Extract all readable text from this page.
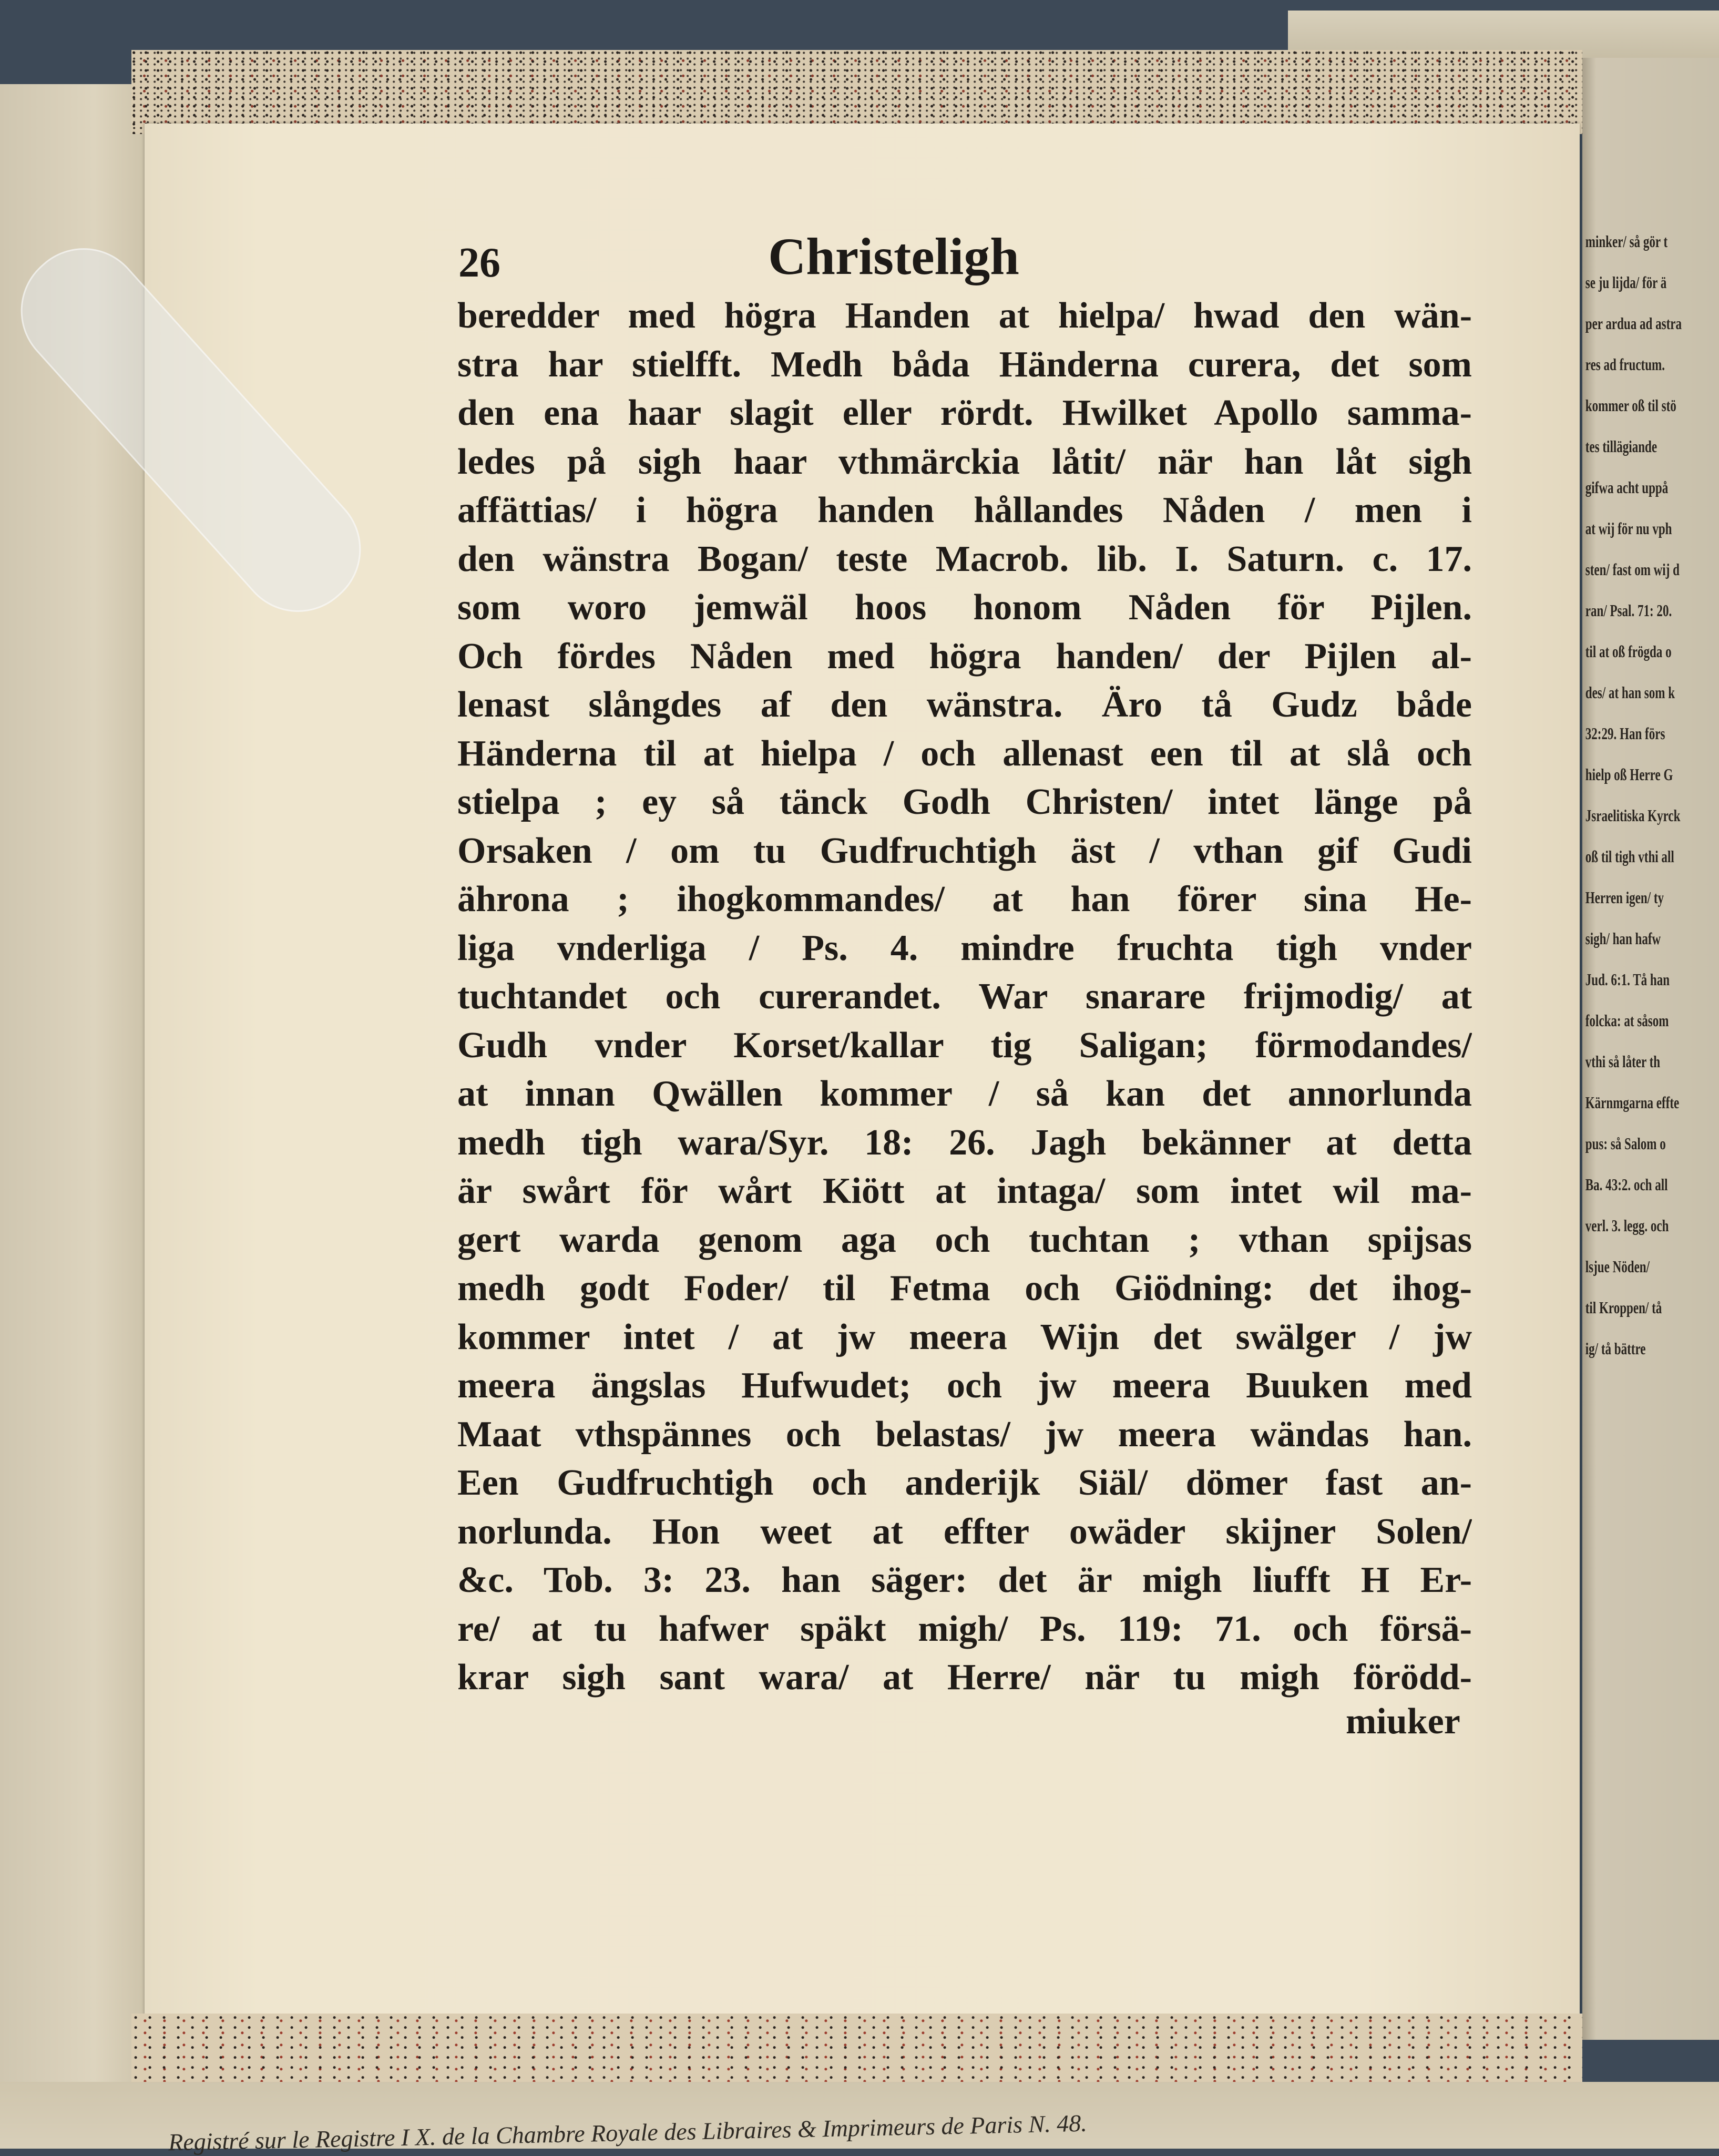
Registré sur le Registre I X. de la Chambre Royale des Libraires & Imprimeurs de Paris N. 48.
26	Christeligh
beredder med högra Handen at hielpa/ hwad den wän-
stra har stielfft. Medh båda Händerna curera, det som
den ena haar slagit eller rördt. Hwilket Apollo samma-
ledes på sigh haar vthmärckia låtit/ när han låt sigh
affättias/ i högra handen hållandes Nåden / men i
den wänstra Bogan/ teste Macrob. lib. I. Saturn. c. 17.
som woro jemwäl hoos honom Nåden för Pijlen.
Och fördes Nåden med högra handen/ der Pijlen al-
lenast slångdes af den wänstra. Äro tå Gudz både
Händerna til at hielpa / och allenast een til at slå och
stielpa ; ey så tänck Godh Christen/ intet länge på
Orsaken / om tu Gudfruchtigh äst / vthan gif Gudi
ährona ; ihogkommandes/ at han förer sina He-
liga vnderliga / Ps. 4. mindre fruchta tigh vnder
tuchtandet och curerandet. War snarare frijmodig/ at
Gudh vnder Korset/kallar tig Saligan; förmodandes/
at innan Qwällen kommer / så kan det annorlunda
medh tigh wara/Syr. 18: 26. Jagh bekänner at detta
är swårt för wårt Kiött at intaga/ som intet wil ma-
gert warda genom aga och tuchtan ; vthan spijsas
medh godt Foder/ til Fetma och Giödning: det ihog-
kommer intet / at jw meera Wijn det swälger / jw
meera ängslas Hufwudet; och jw meera Buuken med
Maat vthspännes och belastas/ jw meera wändas han.
Een Gudfruchtigh och anderijk Siäl/ dömer fast an-
norlunda. Hon weet at effter owäder skijner Solen/
&c. Tob. 3: 23. han säger: det är migh liufft H Er-
re/ at tu hafwer späkt migh/ Ps. 119: 71. och försä-
krar sigh sant wara/ at Herre/ när tu migh förödd-
miuker
minker/ så gör t
se ju lijda/ för ä
per ardua ad astra
res ad fructum.
kommer oß til stö
tes tillägiande
gifwa acht uppå
at wij för nu vph
sten/ fast om wij d
ran/ Psal. 71: 20.
til at oß frögda o
des/ at han som k
32:29. Han förs
hielp oß Herre G
Jsraelitiska Kyrck
oß til tigh vthi all
Herren igen/ ty
sigh/ han hafw
Jud. 6:1. Tå han
folcka: at såsom
vthi så låter th
Kärnmgarna effte
pus: så Salom o
Ba. 43:2. och all
verl. 3. legg. och
lsjue Nöden/
til Kroppen/ tå
ig/ tå bättre
